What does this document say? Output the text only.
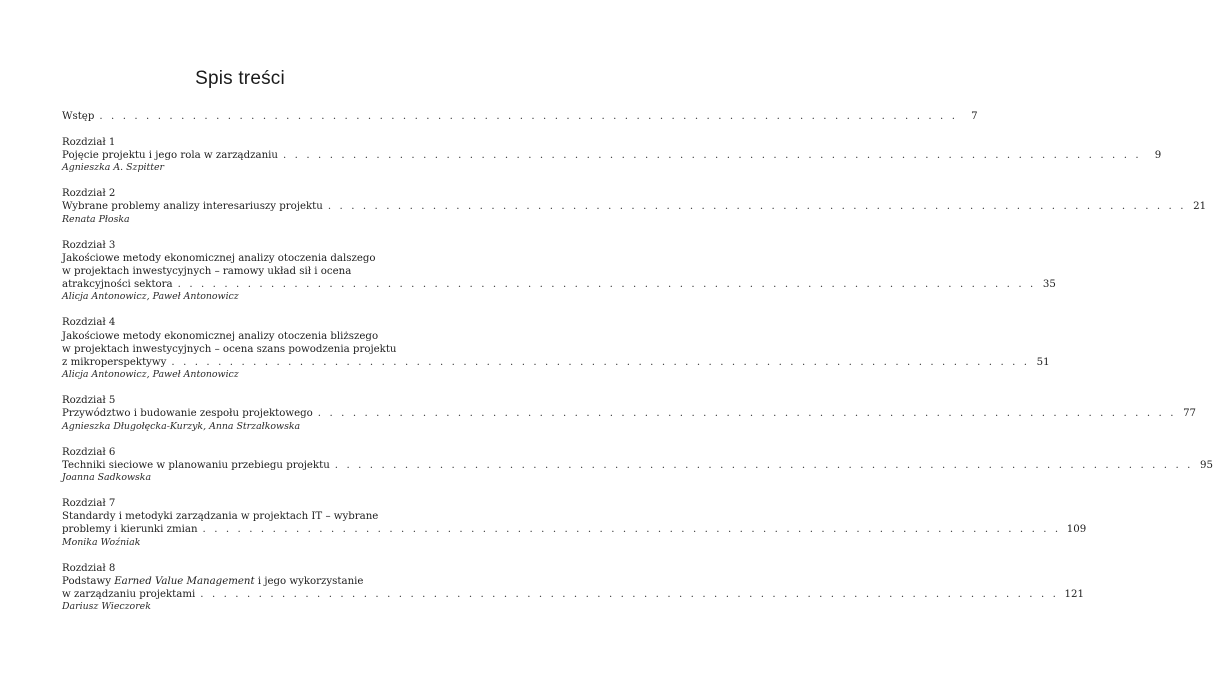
Spis treści
Wstęp . . . . . . . . . . . . . . . . . . . . . . . . . . . . . . . . . . . . . . . . . . . . . . . . . . . . . . . . . . . . . . . . . . . . . . . . . .	7
Rozdział 1
Pojęcie projektu i jego rola w zarządzaniu . . . . . . . . . . . . . . . . . . . . . . . . . . . . . . . . . . . . . . . . . . . . . . . . . . . . . . . . . . . . . . . . . . . . . . . . . .	9
Agnieszka A. Szpitter
Rozdział 2
Wybrane problemy analizy interesariuszy projektu . . . . . . . . . . . . . . . . . . . . . . . . . . . . . . . . . . . . . . . . . . . . . . . . . . . . . . . . . . . . . . . . . . . . . . . . . . 21
Renata Płoska
Rozdział 3
Jakościowe metody ekonomicznej analizy otoczenia dalszego
w projektach inwestycyjnych – ramowy układ sił i ocena
atrakcyjności sektora . . . . . . . . . . . . . . . . . . . . . . . . . . . . . . . . . . . . . . . . . . . . . . . . . . . . . . . . . . . . . . . . . . . . . . . . . . 35
Alicja Antonowicz, Paweł Antonowicz
Rozdział 4
Jakościowe metody ekonomicznej analizy otoczenia bliższego
w projektach inwestycyjnych – ocena szans powodzenia projektu
z mikroperspektywy . . . . . . . . . . . . . . . . . . . . . . . . . . . . . . . . . . . . . . . . . . . . . . . . . . . . . . . . . . . . . . . . . . . . . . . . . . 51
Alicja Antonowicz, Paweł Antonowicz
Rozdział 5
Przywództwo i budowanie zespołu projektowego . . . . . . . . . . . . . . . . . . . . . . . . . . . . . . . . . . . . . . . . . . . . . . . . . . . . . . . . . . . . . . . . . . . . . . . . . . 77
Agnieszka Długołęcka-Kurzyk, Anna Strzałkowska
Rozdział 6
Techniki sieciowe w planowaniu przebiegu projektu . . . . . . . . . . . . . . . . . . . . . . . . . . . . . . . . . . . . . . . . . . . . . . . . . . . . . . . . . . . . . . . . . . . . . . . . . . 95
Joanna Sadkowska
Rozdział 7
Standardy i metodyki zarządzania w projektach IT – wybrane
problemy i kierunki zmian . . . . . . . . . . . . . . . . . . . . . . . . . . . . . . . . . . . . . . . . . . . . . . . . . . . . . . . . . . . . . . . . . . . . . . . . . . 109
Monika Woźniak
Rozdział 8
Podstawy Earned Value Management i jego wykorzystanie
w zarządzaniu projektami . . . . . . . . . . . . . . . . . . . . . . . . . . . . . . . . . . . . . . . . . . . . . . . . . . . . . . . . . . . . . . . . . . . . . . . . . . 121
Dariusz Wieczorek
